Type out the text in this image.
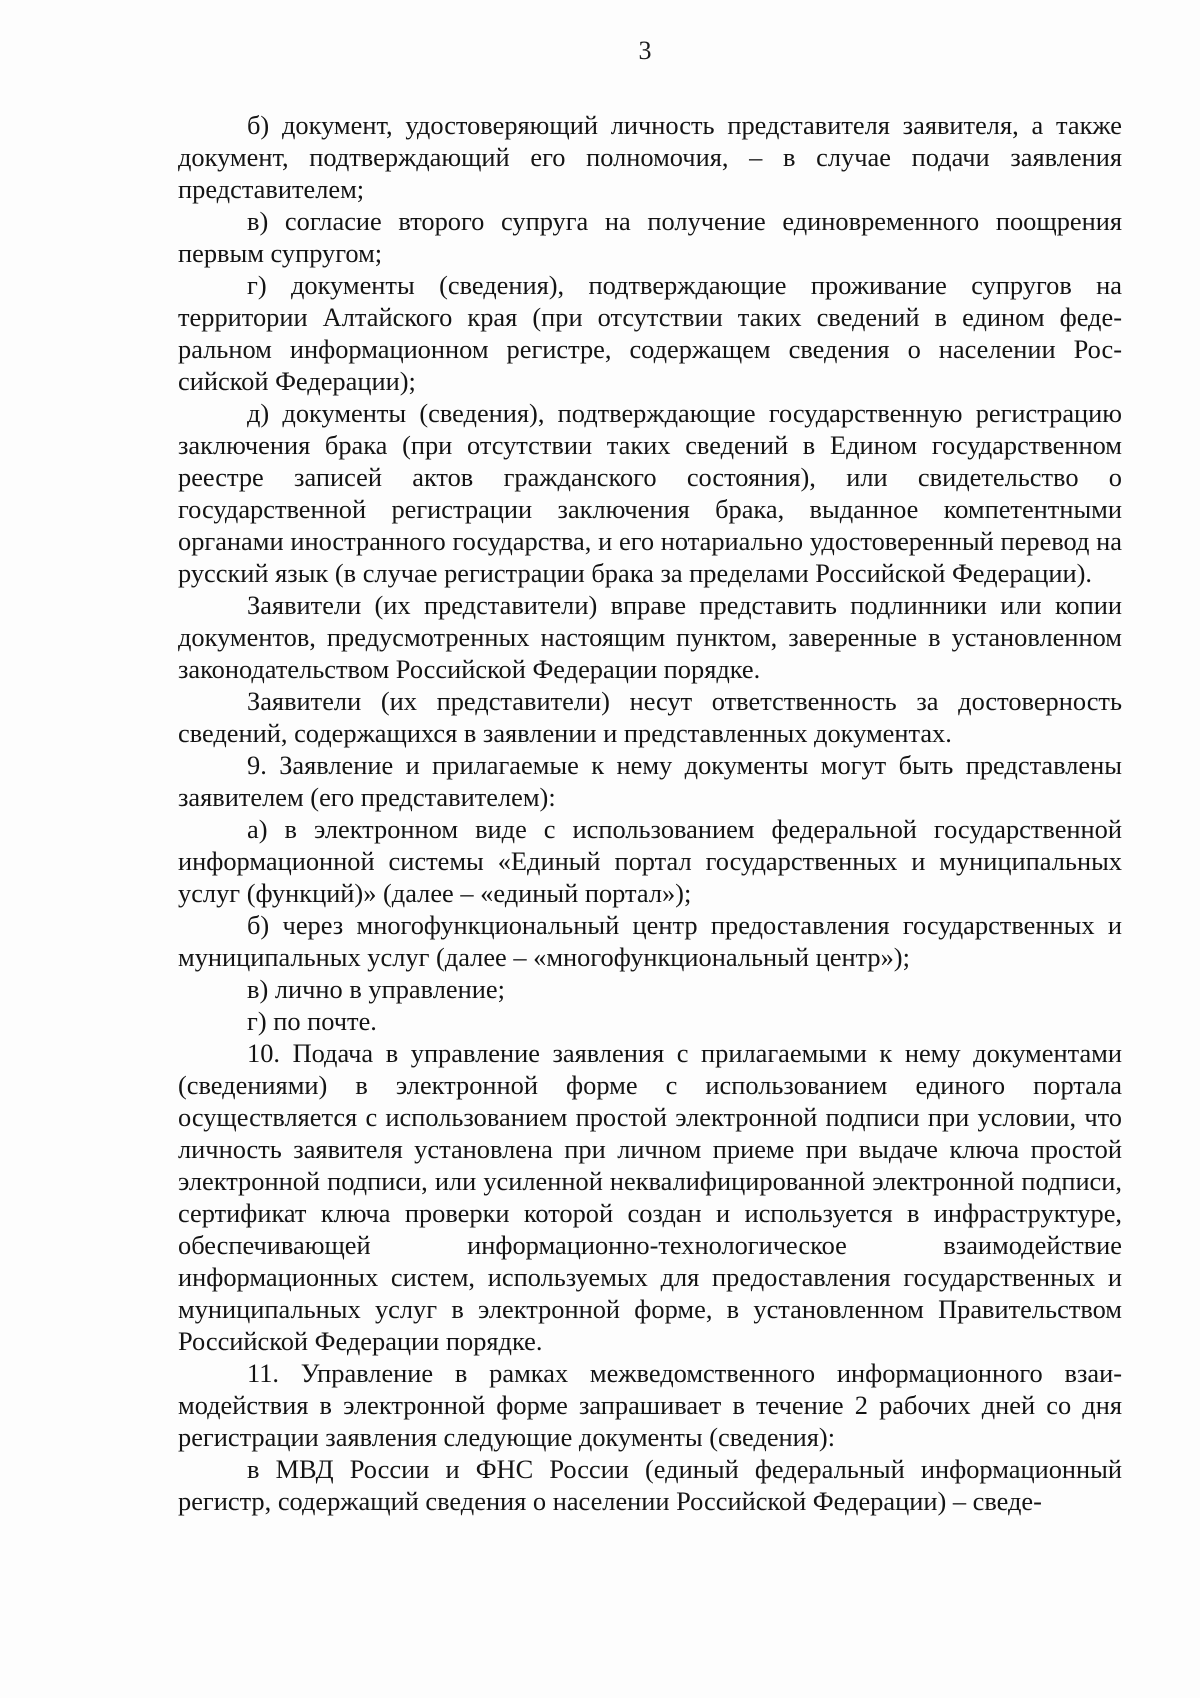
3

б) документ, удостоверяющий личность представителя заявителя, а также документ, подтверждающий его полномочия, – в случае подачи заявления представителем;

в) согласие второго супруга на получение единовременного поощрения первым супругом;

г) документы (сведения), подтверждающие проживание супругов на территории Алтайского края (при отсутствии таких сведений в едином федеральном информационном регистре, содержащем сведения о населении Российской Федерации);

д) документы (сведения), подтверждающие государственную регистрацию заключения брака (при отсутствии таких сведений в Едином государственном реестре записей актов гражданского состояния), или свидетельство о государственной регистрации заключения брака, выданное компетентными органами иностранного государства, и его нотариально удостоверенный перевод на русский язык (в случае регистрации брака за пределами Российской Федерации).

Заявители (их представители) вправе представить подлинники или копии документов, предусмотренных настоящим пунктом, заверенные в установленном законодательством Российской Федерации порядке.

Заявители (их представители) несут ответственность за достоверность сведений, содержащихся в заявлении и представленных документах.

9. Заявление и прилагаемые к нему документы могут быть представлены заявителем (его представителем):

а) в электронном виде с использованием федеральной государственной информационной системы «Единый портал государственных и муниципальных услуг (функций)» (далее – «единый портал»);

б) через многофункциональный центр предоставления государственных и муниципальных услуг (далее – «многофункциональный центр»);

в) лично в управление;

г) по почте.

10. Подача в управление заявления с прилагаемыми к нему документами (сведениями) в электронной форме с использованием единого портала осуществляется с использованием простой электронной подписи при условии, что личность заявителя установлена при личном приеме при выдаче ключа простой электронной подписи, или усиленной неквалифицированной электронной подписи, сертификат ключа проверки которой создан и используется в инфраструктуре, обеспечивающей информационно-технологическое взаимодействие информационных систем, используемых для предоставления государственных и муниципальных услуг в электронной форме, в установленном Правительством Российской Федерации порядке.

11. Управление в рамках межведомственного информационного взаимодействия в электронной форме запрашивает в течение 2 рабочих дней со дня регистрации заявления следующие документы (сведения):

в МВД России и ФНС России (единый федеральный информационный регистр, содержащий сведения о населении Российской Федерации) – сведе-
